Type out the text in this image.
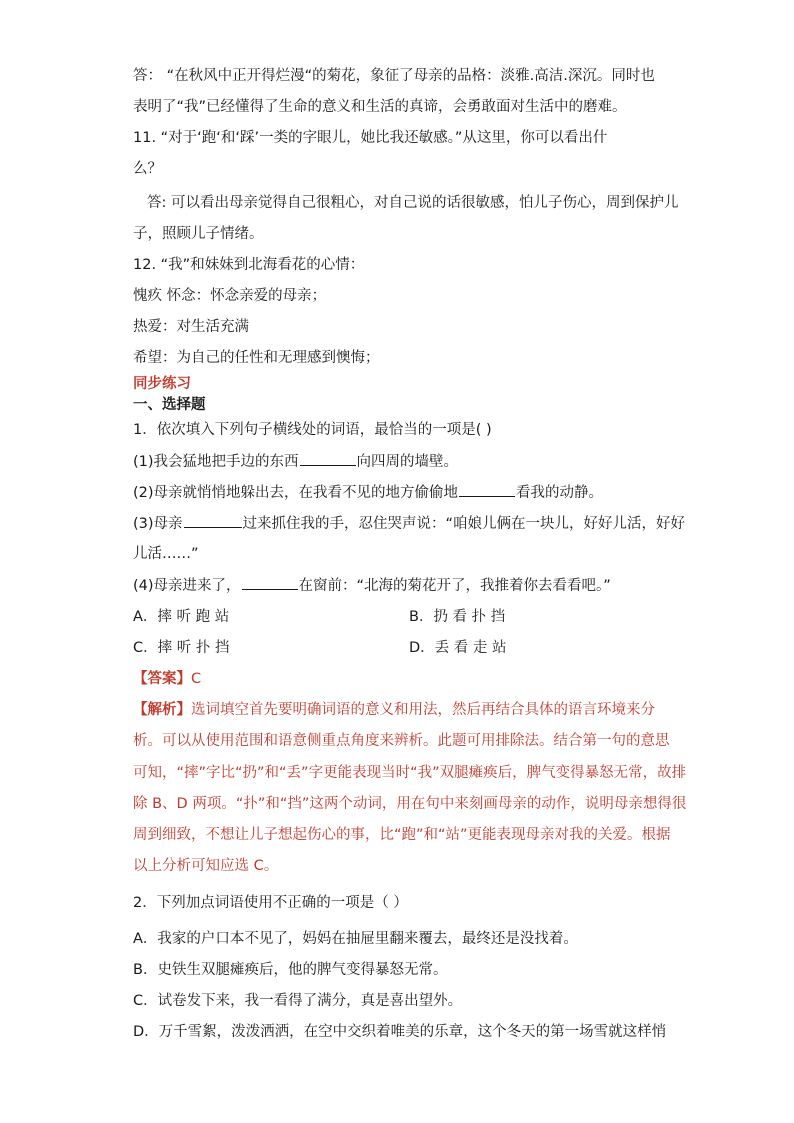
答： “在秋风中正开得烂漫“的菊花，象征了母亲的品格：淡雅.高洁.深沉。同时也
表明了“我”已经懂得了生命的意义和生活的真谛，会勇敢面对生活中的磨难。
11. “对于‘跑‘和‘踩’一类的字眼儿，她比我还敏感。”从这里，你可以看出什
么？
答: 可以看出母亲觉得自己很粗心，对自己说的话很敏感，怕儿子伤心，周到保护儿
子，照顾儿子情绪。
12. “我”和妹妹到北海看花的心情：
愧疚 怀念：怀念亲爱的母亲；
热爱：对生活充满
希望：为自己的任性和无理感到懊悔；
同步练习
一、选择题
1．依次填入下列句子横线处的词语，最恰当的一项是( )
(1)我会猛地把手边的东西	向四周的墙壁。
(2)母亲就悄悄地躲出去，在我看不见的地方偷偷地	看我的动静。
(3)母亲	过来抓住我的手，忍住哭声说：“咱娘儿俩在一块儿，好好儿活，好好
儿活……”
(4)母亲进来了，	在窗前：“北海的菊花开了，我推着你去看看吧。”
A．摔 听 跑 站	B．扔 看 扑 挡
C．摔 听 扑 挡	D．丢 看 走 站
【答案】C
【解析】选词填空首先要明确词语的意义和用法，然后再结合具体的语言环境来分
析。可以从使用范围和语意侧重点角度来辨析。此题可用排除法。结合第一句的意思
可知，“摔”字比“扔”和“丢”字更能表现当时“我”双腿瘫痪后，脾气变得暴怒无常，故排
除 B、D 两项。“扑”和“挡”这两个动词，用在句中来刻画母亲的动作，说明母亲想得很
周到细致，不想让儿子想起伤心的事，比“跑”和“站”更能表现母亲对我的关爱。根据
以上分析可知应选 C。
2．下列加点词语使用不正确的一项是（ ）
A．我家的户口本不见了，妈妈在抽屉里翻来覆去，最终还是没找着。
B．史铁生双腿瘫痪后，他的脾气变得暴怒无常。
C．试卷发下来，我一看得了满分，真是喜出望外。
D．万千雪絮，泼泼洒洒，在空中交织着唯美的乐章，这个冬天的第一场雪就这样悄
